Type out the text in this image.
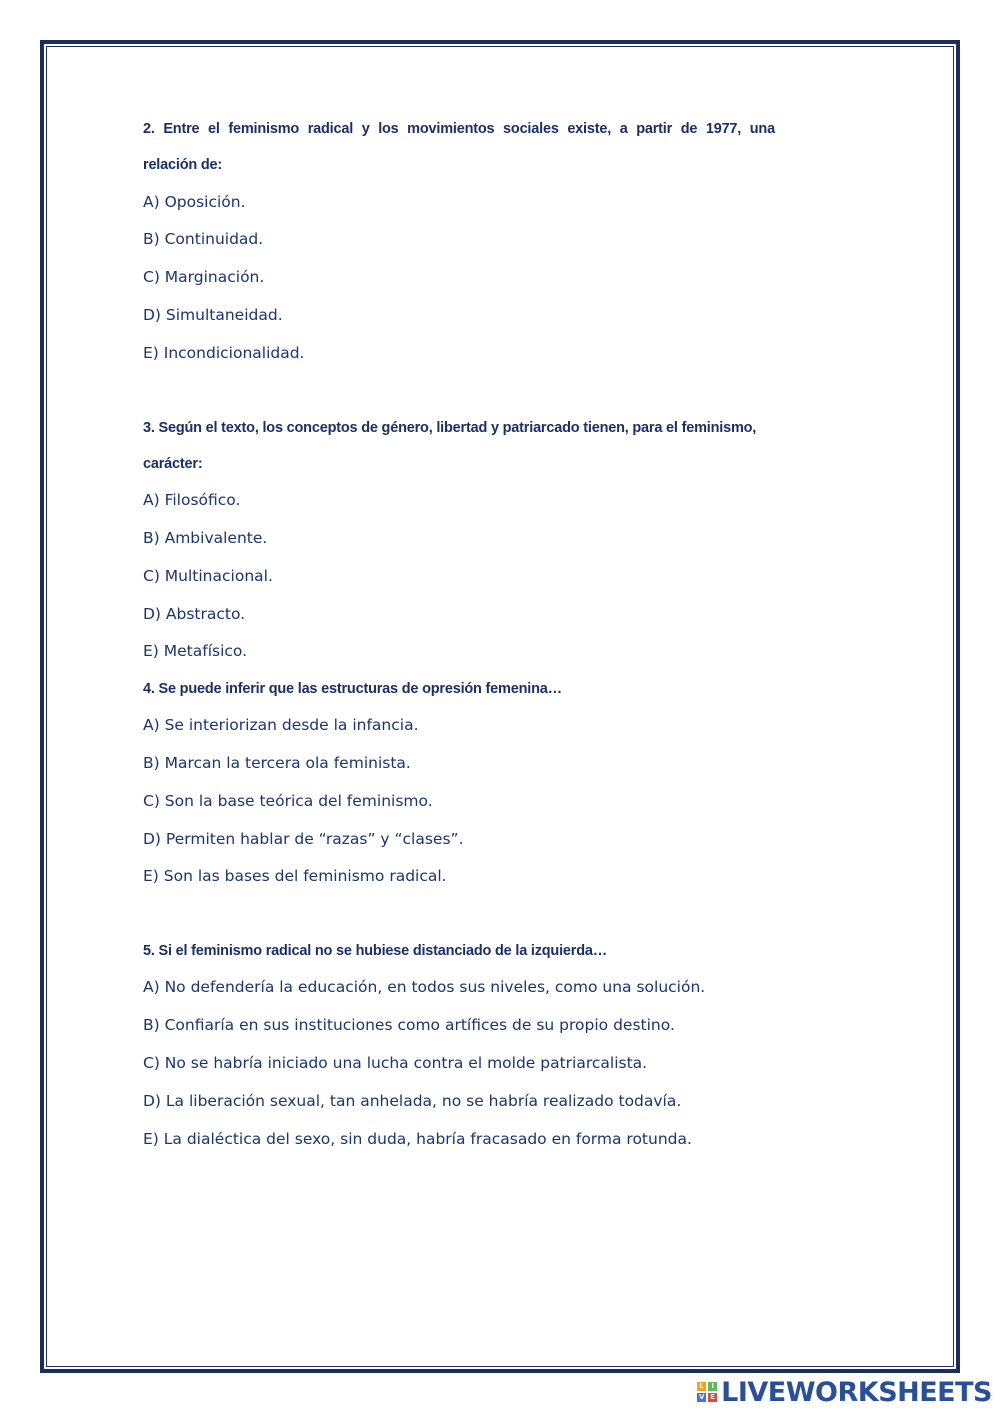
2. Entre el feminismo radical y los movimientos sociales existe, a partir de 1977, una
relación de:
A) Oposición.
B) Continuidad.
C) Marginación.
D) Simultaneidad.
E) Incondicionalidad.
3. Según el texto, los conceptos de género, libertad y patriarcado tienen, para el feminismo,
carácter:
A) Filosófico.
B) Ambivalente.
C) Multinacional.
D) Abstracto.
E) Metafísico.
4. Se puede inferir que las estructuras de opresión femenina…
A) Se interiorizan desde la infancia.
B) Marcan la tercera ola feminista.
C) Son la base teórica del feminismo.
D) Permiten hablar de “razas” y “clases”.
E) Son las bases del feminismo radical.
5. Si el feminismo radical no se hubiese distanciado de la izquierda…
A) No defendería la educación, en todos sus niveles, como una solución.
B) Confiaría en sus instituciones como artífices de su propio destino.
C) No se habría iniciado una lucha contra el molde patriarcalista.
D) La liberación sexual, tan anhelada, no se habría realizado todavía.
E) La dialéctica del sexo, sin duda, habría fracasado en forma rotunda.
L	I
V E LIVEWORKSHEETS
